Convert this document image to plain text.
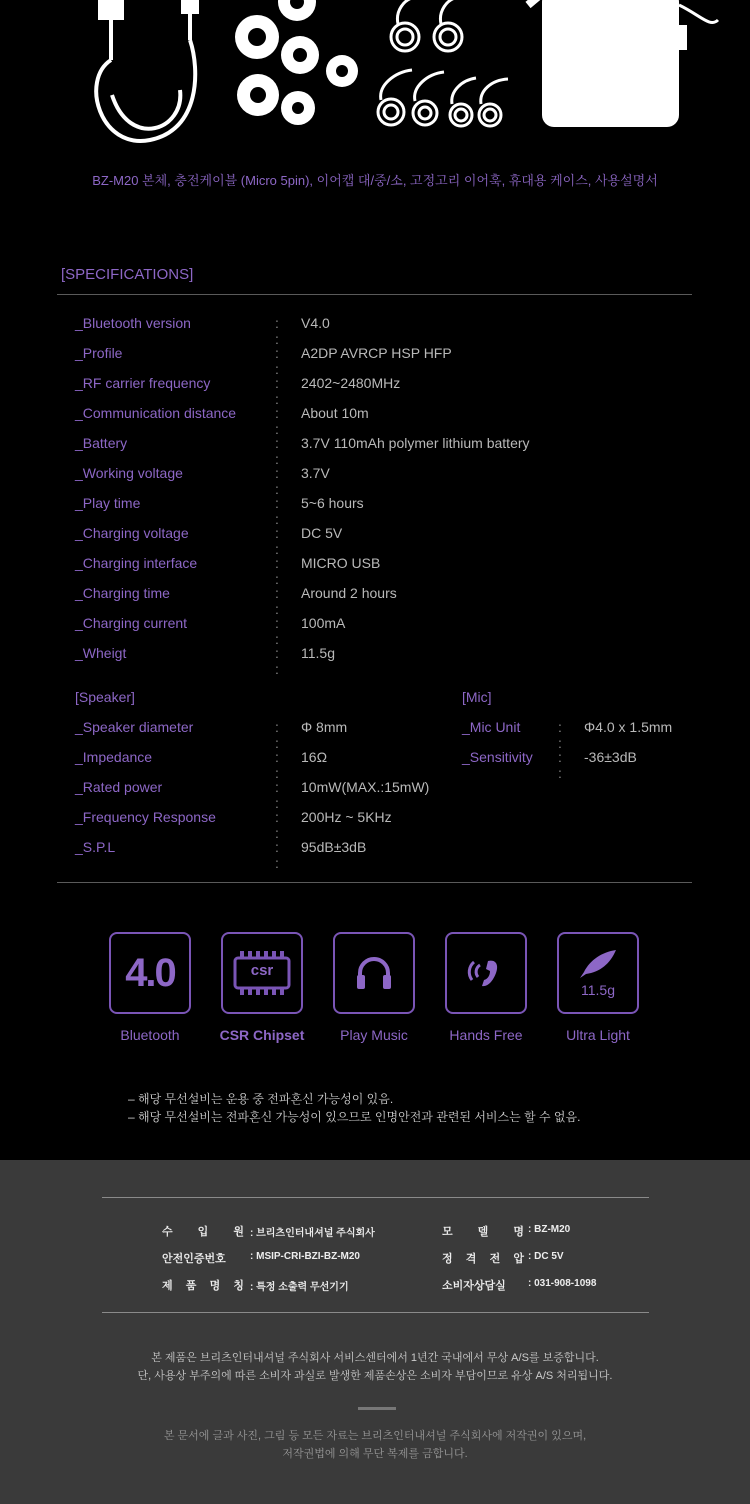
BZ-M20 본체, 충전케이블 (Micro 5pin), 이어캡 대/중/소, 고정고리 이어훅, 휴대용 케이스, 사용설명서
[SPECIFICATIONS]
_Bluetooth version	: :
V4.0
_Profile	: :
A2DP AVRCP HSP HFP
_RF carrier frequency	: :
2402~2480MHz
_Communication distance	: :
About 10m
_Battery	: :
3.7V 110mAh polymer lithium battery
_Working voltage	: :
3.7V
_Play time	: :
5~6 hours
_Charging voltage	: :
DC 5V
_Charging interface	: :
MICRO USB
_Charging time	: :
Around 2 hours
_Charging current	: :
100mA
_Wheigt	: :
11.5g
[Speaker]
_Speaker diameter	: :
Φ 8mm
_Impedance	: :
16Ω
_Rated power	: :
10mW(MAX.:15mW)
_Frequency Response	: :
200Hz ~ 5KHz
_S.P.L	: :
95dB±3dB
[Mic]
_Mic Unit	: :
Φ4.0 x 1.5mm
_Sensitivity : :
-36±3dB
4.0
Bluetooth
csr
CSR Chipset	Play Music	Hands Free
11.5g
Ultra Light
– 해당 무선설비는 운용 중 전파혼신 가능성이 있음.
– 해당 무선설비는 전파혼신 가능성이 있으므로 인명안전과 관련된 서비스는 할 수 없음.
수 입 원 : 브리츠인터내셔널 주식회사	모 델 명 : BZ-M20
안전인증번호	: MSIP-CRI-BZI-BZ-M20	정 격 전 압 : DC 5V
제 품 명 칭 : 특정 소출력 무선기기	소비자상담실	: 031-908-1098
본 제품은 브리츠인터내셔널 주식회사 서비스센터에서 1년간 국내에서 무상 A/S를 보증합니다.
단, 사용상 부주의에 따른 소비자 과실로 발생한 제품손상은 소비자 부담이므로 유상 A/S 처리됩니다.
본 문서에 글과 사진, 그림 등 모든 자료는 브리츠인터내셔널 주식회사에 저작권이 있으며,
저작권법에 의해 무단 복제를 금합니다.
